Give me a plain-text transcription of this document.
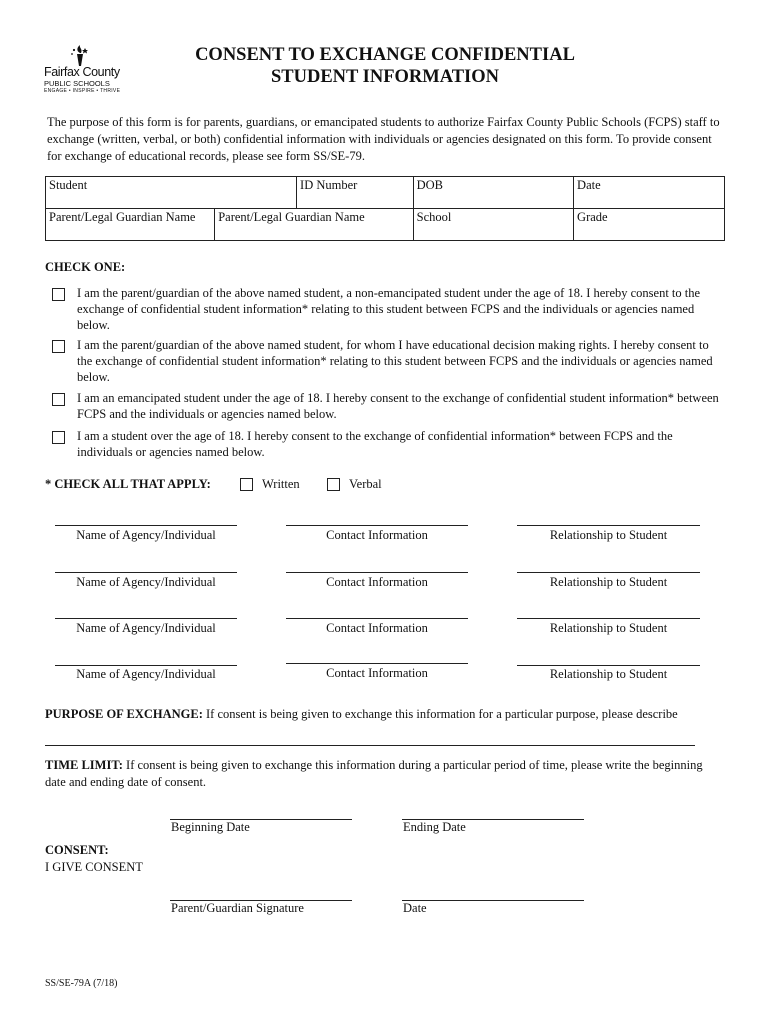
Fairfax County
PUBLIC SCHOOLS
ENGAGE • INSPIRE • THRIVE
CONSENT TO EXCHANGE CONFIDENTIAL
STUDENT INFORMATION
The purpose of this form is for parents, guardians, or emancipated students to authorize Fairfax County Public Schools (FCPS) staff to exchange (written, verbal, or both) confidential information with individuals or agencies designated on this form. To provide consent for exchange of educational records, please see form SS/SE-79.
Student		ID Number	DOB	Date
Parent/Legal Guardian Name	Parent/Legal Guardian Name		School	Grade
CHECK ONE:
I am the parent/guardian of the above named student, a non-emancipated student under the age of 18. I hereby consent to the exchange of confidential student information* relating to this student between FCPS and the individuals or agencies named below.
I am the parent/guardian of the above named student, for whom I have educational decision making rights. I hereby consent to the exchange of confidential student information* relating to this student between FCPS and the individuals or agencies named below.
I am an emancipated student under the age of 18. I hereby consent to the exchange of confidential student information* between FCPS and the individuals or agencies named below.
I am a student over the age of 18. I hereby consent to the exchange of confidential information* between FCPS and the individuals or agencies named below.
* CHECK ALL THAT APPLY:	Written	Verbal
Name of Agency/Individual	Contact Information	Relationship to Student
Name of Agency/Individual	Contact Information	Relationship to Student
Name of Agency/Individual	Contact Information	Relationship to Student
Name of Agency/Individual	Contact Information	Relationship to Student
PURPOSE OF EXCHANGE: If consent is being given to exchange this information for a particular purpose, please describe
TIME LIMIT: If consent is being given to exchange this information during a particular period of time, please write the beginning date and ending date of consent.
Beginning Date	Ending Date
CONSENT:
I GIVE CONSENT
Parent/Guardian Signature	Date
SS/SE-79A (7/18)
